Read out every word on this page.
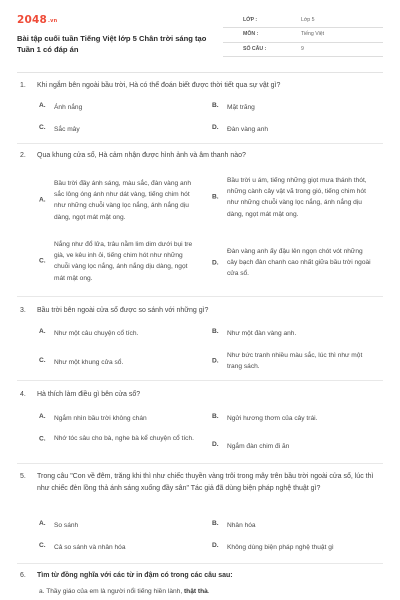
2048.vn
Bài tập cuối tuần Tiếng Việt lớp 5 Chân trời sáng tạo Tuần 1 có đáp án
LỚP :	Lớp 5
MÔN :	Tiếng Việt
SỐ CÂU :	9
1. Khi ngắm bên ngoài bầu trời, Hà có thể đoán biết được thời tiết qua sự vật gì?
A. Ánh nắng	B. Mặt trăng
C. Sắc mây	D. Đàn vàng anh
2. Qua khung cửa sổ, Hà cảm nhận được hình ảnh và âm thanh nào?
A.
Bầu trời đầy ánh sáng, màu sắc, đàn vàng anh sắc lông óng ánh như dát vàng, tiếng chim hót như những chuỗi vàng lọc nắng, ánh nắng dịu dàng, ngọt mát mật ong.
B.
Bầu trời u ám, tiếng những giọt mưa thánh thót, những cành cây vật vã trong gió, tiếng chim hót như những chuỗi vàng lọc nắng, ánh nắng dịu dàng, ngọt mát mật ong.
C.
Nắng như đổ lửa, trâu nằm lim dim dưới bụi tre già, ve kêu inh ỏi, tiếng chim hót như những chuỗi vàng lọc nắng, ánh nắng dịu dàng, ngọt mát mật ong.
D.
Đàn vàng anh ấy đậu lên ngọn chót vót những cây bạch đàn chanh cao nhất giữa bầu trời ngoài cửa sổ.
3. Bầu trời bên ngoài cửa sổ được so sánh với những gì?
A. Như một câu chuyện cổ tích.	B. Như một đàn vàng anh.
C. Như một khung cửa sổ.	D.
Như bức tranh nhiều màu sắc, lúc thì như một trang sách.
4. Hà thích làm điều gì bên cửa sổ?
A. Ngắm nhìn bầu trời không chán	B. Ngửi hương thơm của cây trái.
C. Nhớ tóc sâu cho bà, nghe bà kể chuyện cổ tích.
D. Ngắm đàn chim đi ăn
5. Trong câu "Con về đêm, trăng khi thì như chiếc thuyền vàng trôi trong mây trên bầu trời ngoài cửa sổ, lúc thì như chiếc đèn lồng thả ánh sáng xuống đầy sân" Tác giả đã dùng biện pháp nghệ thuật gì?
A. So sánh	B. Nhân hóa
C. Cả so sánh và nhân hóa	D. Không dùng biện pháp nghệ thuật gì
6. Tìm từ đồng nghĩa với các từ in đậm có trong các câu sau:
a. Thầy giáo của em là người nổi tiếng hiền lành, thật thà.
